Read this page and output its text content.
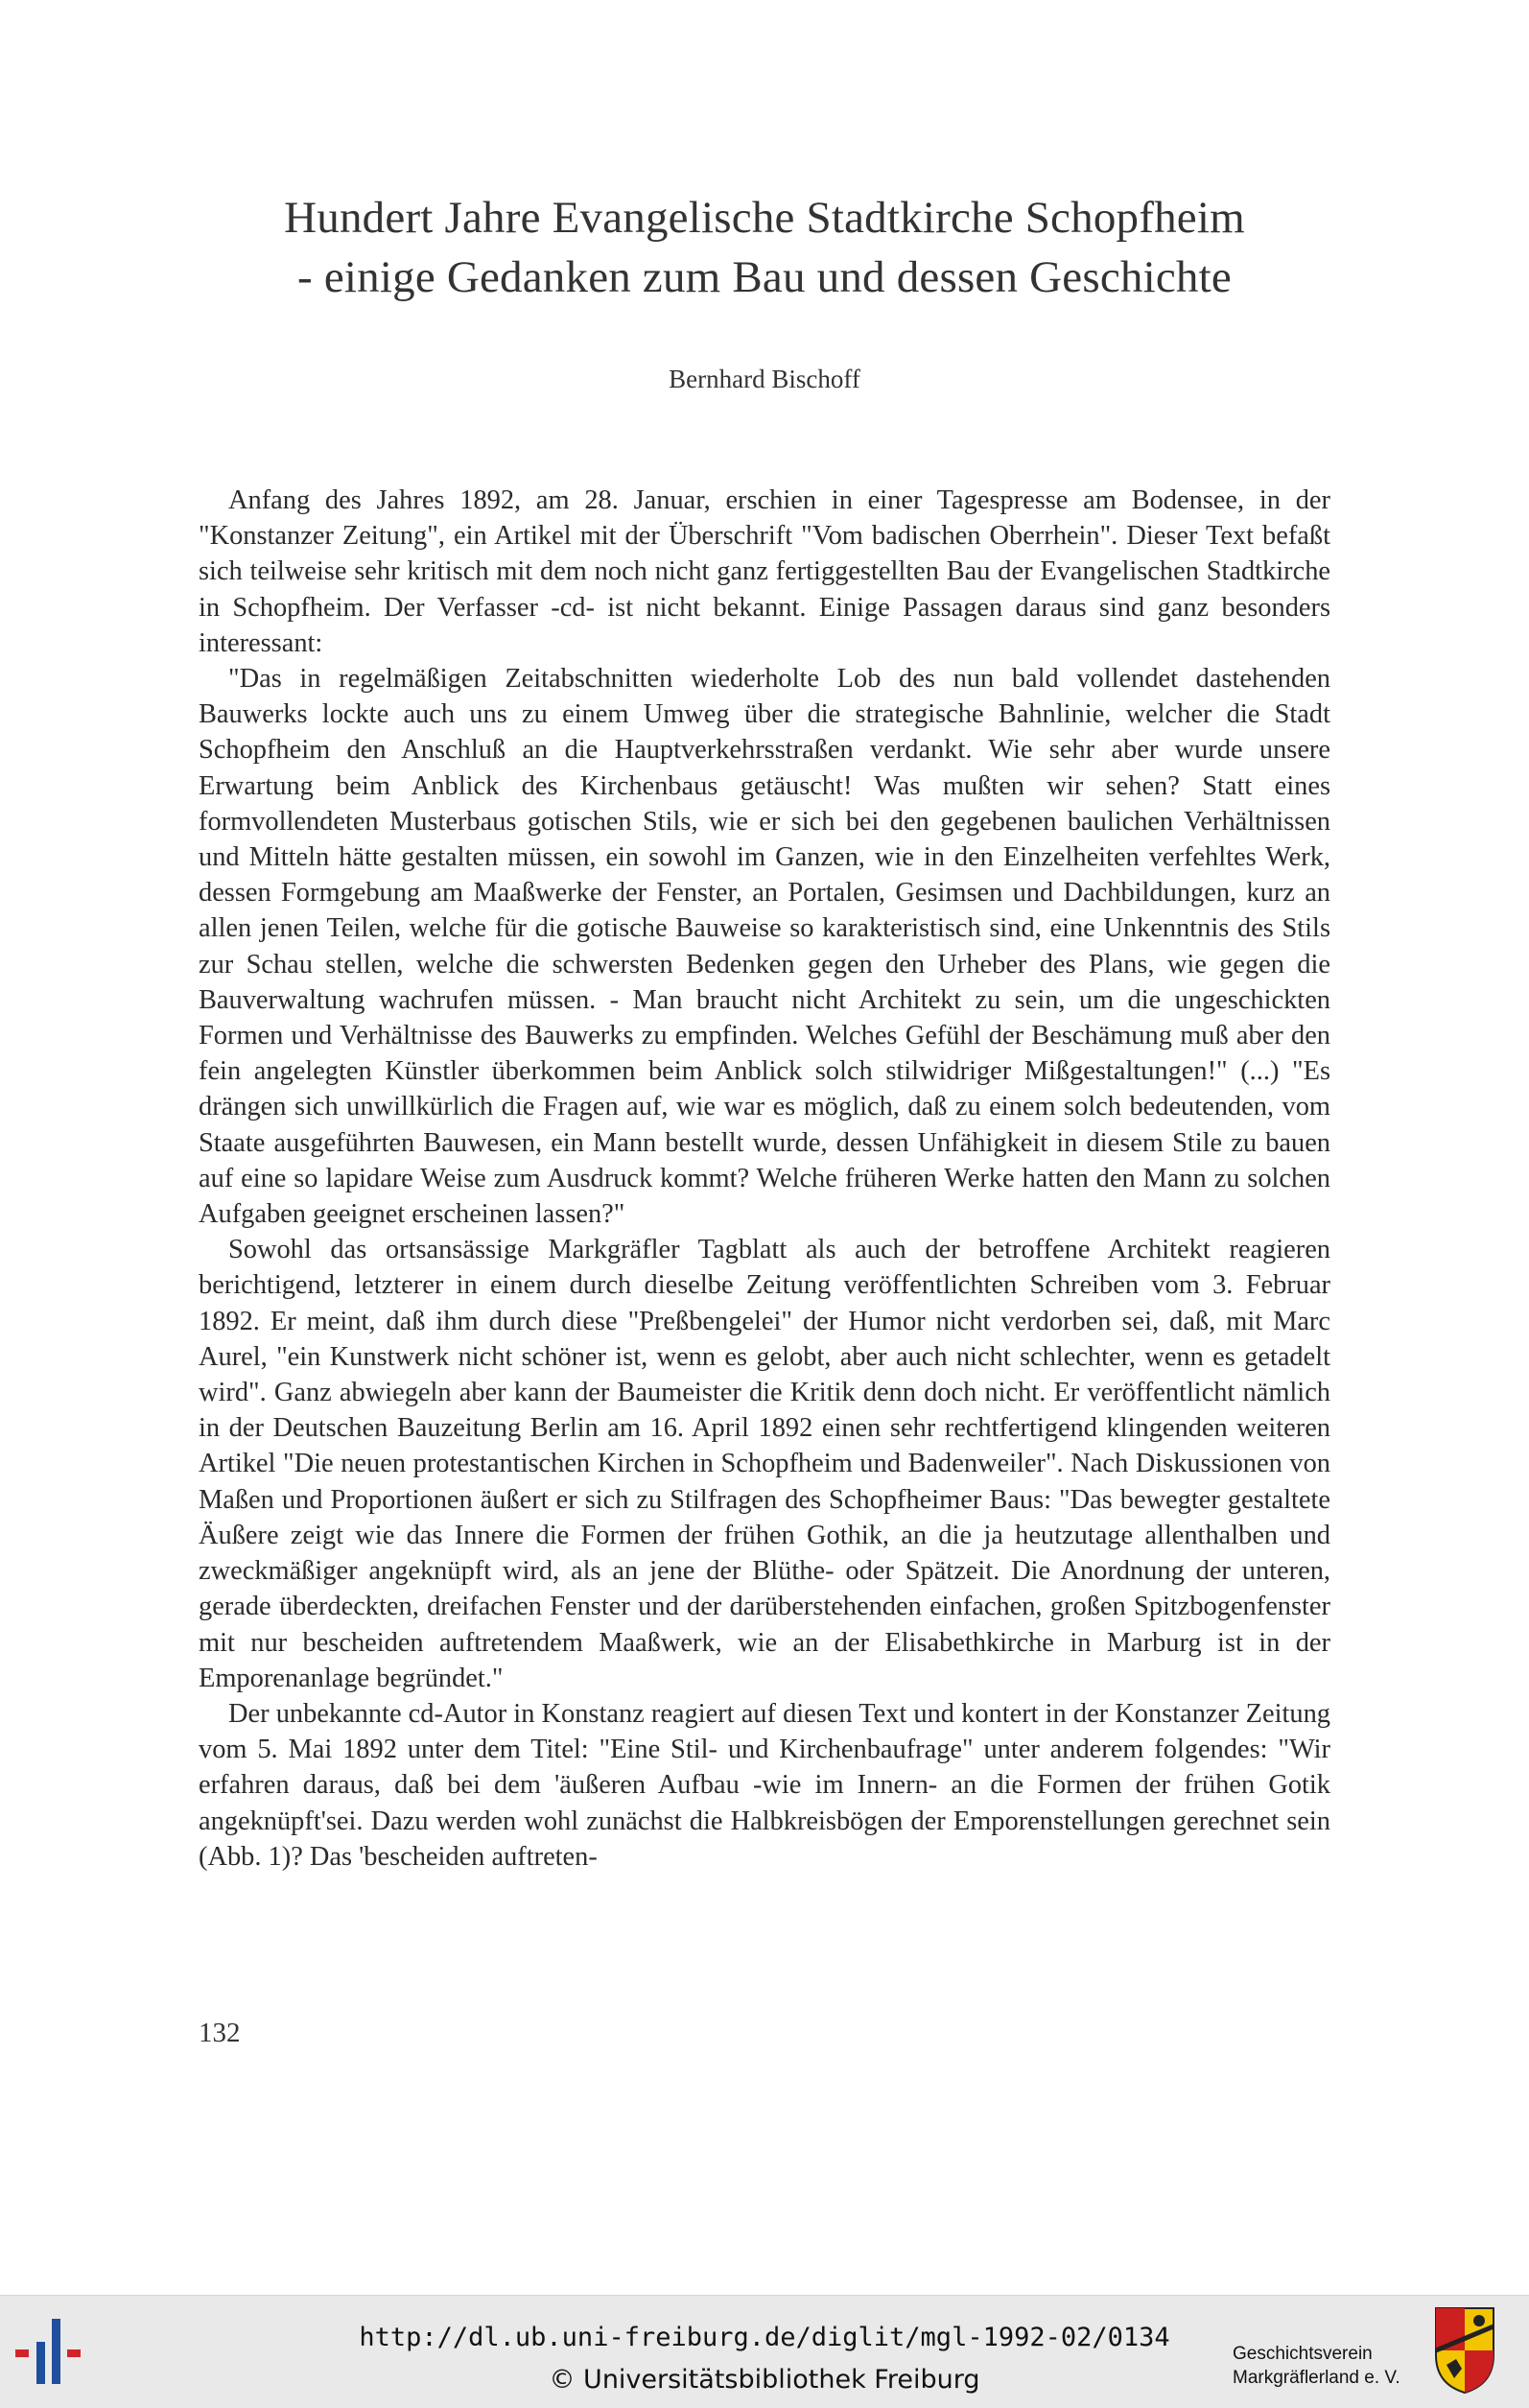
Hundert Jahre Evangelische Stadtkirche Schopfheim
- einige Gedanken zum Bau und dessen Geschichte
Bernhard Bischoff

Anfang des Jahres 1892, am 28. Januar, erschien in einer Tagespresse am Bodensee, in der "Konstanzer Zeitung", ein Artikel mit der Überschrift "Vom badischen Oberrhein". Dieser Text befaßt sich teilweise sehr kritisch mit dem noch nicht ganz fertiggestellten Bau der Evangelischen Stadtkirche in Schopfheim. Der Verfasser -cd- ist nicht bekannt. Einige Passagen daraus sind ganz besonders interessant:

"Das in regelmäßigen Zeitabschnitten wiederholte Lob des nun bald vollendet dastehenden Bauwerks lockte auch uns zu einem Umweg über die strategische Bahnlinie, welcher die Stadt Schopfheim den Anschluß an die Hauptverkehrsstraßen verdankt. Wie sehr aber wurde unsere Erwartung beim Anblick des Kirchenbaus getäuscht! Was mußten wir sehen? Statt eines formvollendeten Musterbaus gotischen Stils, wie er sich bei den gegebenen baulichen Verhältnissen und Mitteln hätte gestalten müssen, ein sowohl im Ganzen, wie in den Einzelheiten verfehltes Werk, dessen Formgebung am Maaßwerke der Fenster, an Portalen, Gesimsen und Dachbildungen, kurz an allen jenen Teilen, welche für die gotische Bauweise so karakteristisch sind, eine Unkenntnis des Stils zur Schau stellen, welche die schwersten Bedenken gegen den Urheber des Plans, wie gegen die Bauverwaltung wachrufen müssen. - Man braucht nicht Architekt zu sein, um die ungeschickten Formen und Verhältnisse des Bauwerks zu empfinden. Welches Gefühl der Beschämung muß aber den fein angelegten Künstler überkommen beim Anblick solch stilwidriger Mißgestaltungen!" (...) "Es drängen sich unwillkürlich die Fragen auf, wie war es möglich, daß zu einem solch bedeutenden, vom Staate ausgeführten Bauwesen, ein Mann bestellt wurde, dessen Unfähigkeit in diesem Stile zu bauen auf eine so lapidare Weise zum Ausdruck kommt? Welche früheren Werke hatten den Mann zu solchen Aufgaben geeignet erscheinen lassen?"

Sowohl das ortsansässige Markgräfler Tagblatt als auch der betroffene Architekt reagieren berichtigend, letzterer in einem durch dieselbe Zeitung veröffentlichten Schreiben vom 3. Februar 1892. Er meint, daß ihm durch diese "Preßbengelei" der Humor nicht verdorben sei, daß, mit Marc Aurel, "ein Kunstwerk nicht schöner ist, wenn es gelobt, aber auch nicht schlechter, wenn es getadelt wird". Ganz abwiegeln aber kann der Baumeister die Kritik denn doch nicht. Er veröffentlicht nämlich in der Deutschen Bauzeitung Berlin am 16. April 1892 einen sehr rechtfertigend klingenden weiteren Artikel "Die neuen protestantischen Kirchen in Schopfheim und Badenweiler". Nach Diskussionen von Maßen und Proportionen äußert er sich zu Stilfragen des Schopfheimer Baus: "Das bewegter gestaltete Äußere zeigt wie das Innere die Formen der frühen Gothik, an die ja heutzutage allenthalben und zweckmäßiger angeknüpft wird, als an jene der Blüthe- oder Spätzeit. Die Anordnung der unteren, gerade überdeckten, dreifachen Fenster und der darüberstehenden einfachen, großen Spitzbogenfenster mit nur bescheiden auftretendem Maaßwerk, wie an der Elisabethkirche in Marburg ist in der Emporenanlage begründet."

Der unbekannte cd-Autor in Konstanz reagiert auf diesen Text und kontert in der Konstanzer Zeitung vom 5. Mai 1892 unter dem Titel: "Eine Stil- und Kirchenbaufrage" unter anderem folgendes: "Wir erfahren daraus, daß bei dem 'äußeren Aufbau -wie im Innern- an die Formen der frühen Gotik angeknüpft'sei. Dazu werden wohl zunächst die Halbkreisbögen der Emporenstellungen gerechnet sein (Abb. 1)? Das 'bescheiden auftreten-

132
http://dl.ub.uni-freiburg.de/diglit/mgl-1992-02/0134
© Universitätsbibliothek Freiburg
Geschichtsverein
Markgräflerland e. V.
